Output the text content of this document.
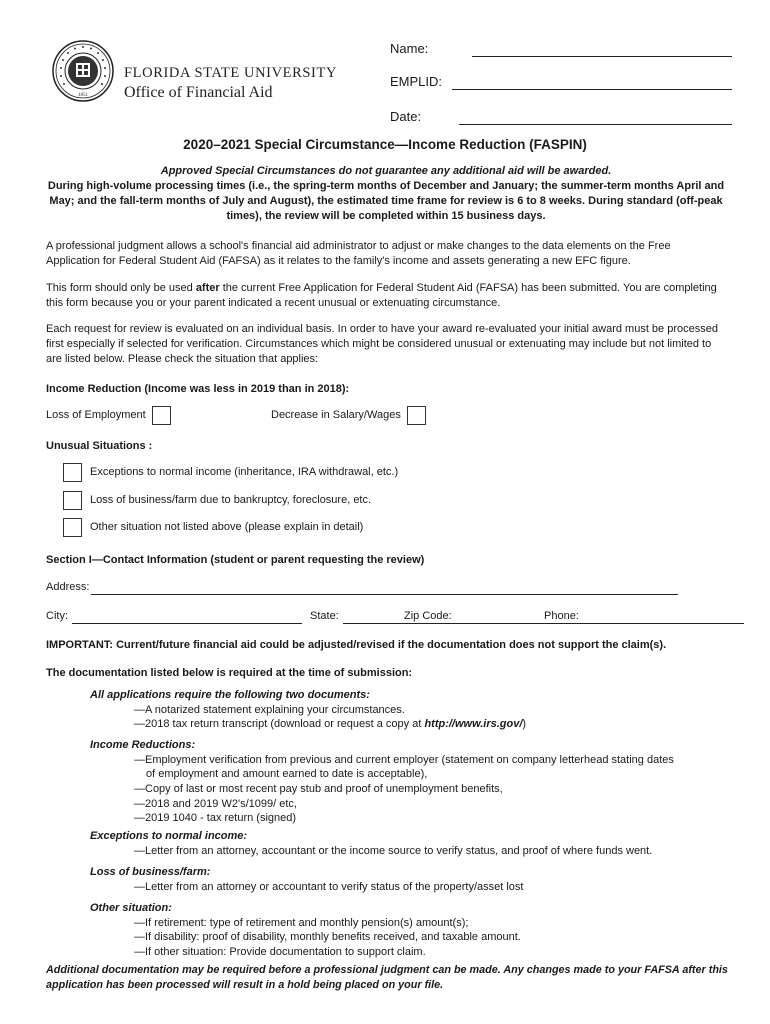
1851
FLORIDA STATE UNIVERSITY
Office of Financial Aid
Name:
EMPLID:
Date:
2020–2021 Special Circumstance—Income Reduction (FASPIN)
Approved Special Circumstances do not guarantee any additional aid will be awarded.
During high-volume processing times (i.e., the spring-term months of December and January; the summer-term months April and May; and the fall-term months of July and August), the estimated time frame for review is 6 to 8 weeks. During standard (off-peak times), the review will be completed within 15 business days.
A professional judgment allows a school's financial aid administrator to adjust or make changes to the data elements on the Free Application for Federal Student Aid (FAFSA) as it relates to the family's income and assets generating a new EFC figure.
This form should only be used after the current Free Application for Federal Student Aid (FAFSA) has been submitted. You are completing this form because you or your parent indicated a recent unusual or extenuating circumstance.
Each request for review is evaluated on an individual basis. In order to have your award re-evaluated your initial award must be processed first especially if selected for verification. Circumstances which might be considered unusual or extenuating may include but not limited to are listed below. Please check the situation that applies:
Income Reduction (Income was less in 2019 than in 2018):
Loss of Employment	Decrease in Salary/Wages
Unusual Situations :
Exceptions to normal income (inheritance, IRA withdrawal, etc.)
Loss of business/farm due to bankruptcy, foreclosure, etc.
Other situation not listed above (please explain in detail)
Section I—Contact Information (student or parent requesting the review)
Address:
City:	State:	Zip Code:	Phone:
IMPORTANT: Current/future financial aid could be adjusted/revised if the documentation does not support the claim(s).
The documentation listed below is required at the time of submission:
All applications require the following two documents:
—A notarized statement explaining your circumstances.
—2018 tax return transcript (download or request a copy at http://www.irs.gov/)
Income Reductions:
—Employment verification from previous and current employer (statement on company letterhead stating dates
of employment and amount earned to date is acceptable),
—Copy of last or most recent pay stub and proof of unemployment benefits,
—2018 and 2019 W2's/1099/ etc,
—2019 1040 - tax return (signed)
Exceptions to normal income:
—Letter from an attorney, accountant or the income source to verify status, and proof of where funds went.
Loss of business/farm:
—Letter from an attorney or accountant to verify status of the property/asset lost
Other situation:
—If retirement: type of retirement and monthly pension(s) amount(s);
—If disability: proof of disability, monthly benefits received, and taxable amount.
—If other situation: Provide documentation to support claim.
Additional documentation may be required before a professional judgment can be made. Any changes made to your FAFSA after this application has been processed will result in a hold being placed on your file.
